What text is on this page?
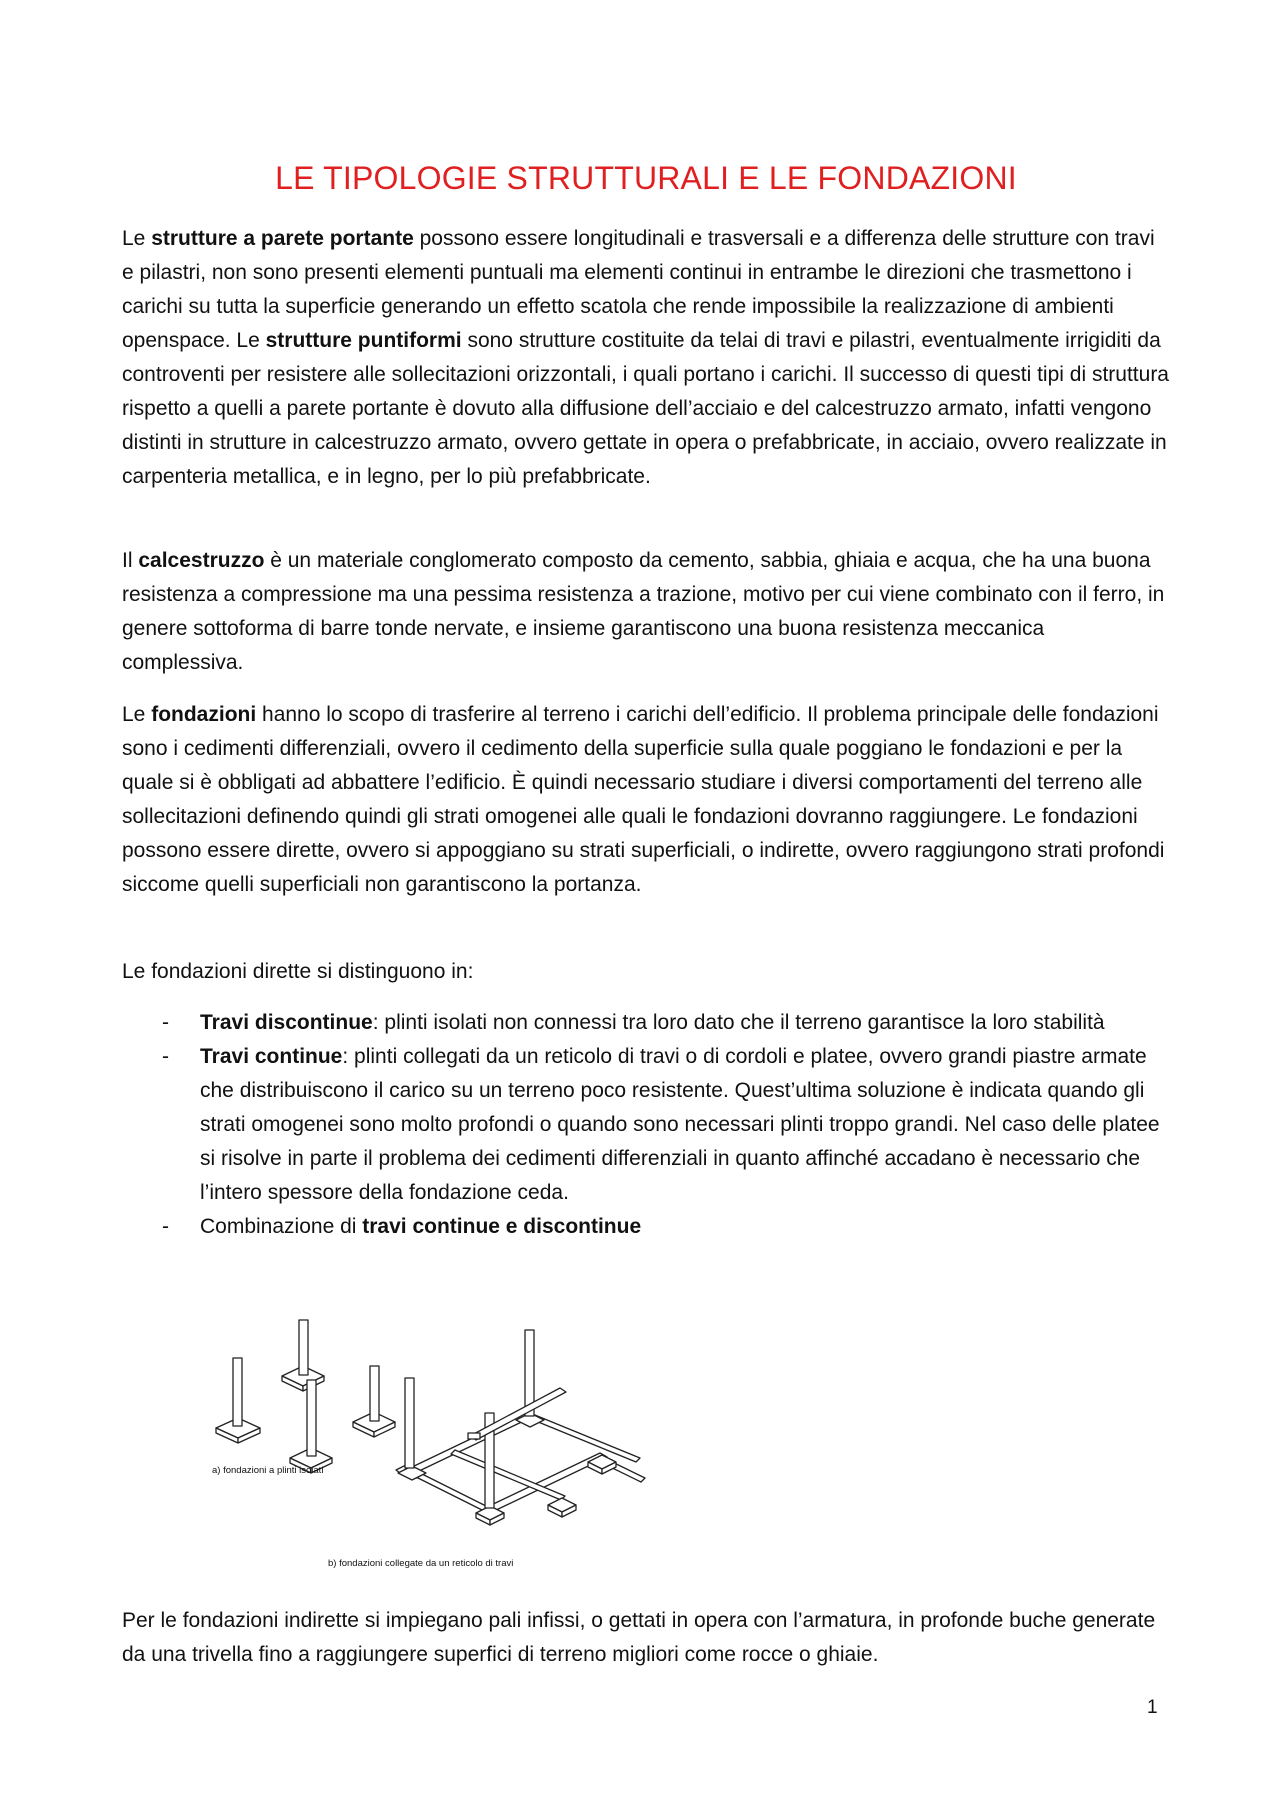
LE TIPOLOGIE STRUTTURALI E LE FONDAZIONI

Le strutture a parete portante possono essere longitudinali e trasversali e a differenza delle strutture con travi e pilastri, non sono presenti elementi puntuali ma elementi continui in entrambe le direzioni che trasmettono i carichi su tutta la superficie generando un effetto scatola che rende impossibile la realizzazione di ambienti openspace. Le strutture puntiformi sono strutture costituite da telai di travi e pilastri, eventualmente irrigiditi da controventi per resistere alle sollecitazioni orizzontali, i quali portano i carichi. Il successo di questi tipi di struttura rispetto a quelli a parete portante è dovuto alla diffusione dell’acciaio e del calcestruzzo armato, infatti vengono distinti in strutture in calcestruzzo armato, ovvero gettate in opera o prefabbricate, in acciaio, ovvero realizzate in carpenteria metallica, e in legno, per lo più prefabbricate.

Il calcestruzzo è un materiale conglomerato composto da cemento, sabbia, ghiaia e acqua, che ha una buona resistenza a compressione ma una pessima resistenza a trazione, motivo per cui viene combinato con il ferro, in genere sottoforma di barre tonde nervate, e insieme garantiscono una buona resistenza meccanica complessiva.

Le fondazioni hanno lo scopo di trasferire al terreno i carichi dell’edificio. Il problema principale delle fondazioni sono i cedimenti differenziali, ovvero il cedimento della superficie sulla quale poggiano le fondazioni e per la quale si è obbligati ad abbattere l’edificio. È quindi necessario studiare i diversi comportamenti del terreno alle sollecitazioni definendo quindi gli strati omogenei alle quali le fondazioni dovranno raggiungere. Le fondazioni possono essere dirette, ovvero si appoggiano su strati superficiali, o indirette, ovvero raggiungono strati profondi siccome quelli superficiali non garantiscono la portanza.

Le fondazioni dirette si distinguono in:

- Travi discontinue: plinti isolati non connessi tra loro dato che il terreno garantisce la loro stabilità
- Travi continue: plinti collegati da un reticolo di travi o di cordoli e platee, ovvero grandi piastre armate che distribuiscono il carico su un terreno poco resistente. Quest’ultima soluzione è indicata quando gli strati omogenei sono molto profondi o quando sono necessari plinti troppo grandi. Nel caso delle platee si risolve in parte il problema dei cedimenti differenziali in quanto affinché accadano è necessario che l’intero spessore della fondazione ceda.
- Combinazione di travi continue e discontinue

Per le fondazioni indirette si impiegano pali infissi, o gettati in opera con l’armatura, in profonde buche generate da una trivella fino a raggiungere superfici di terreno migliori come rocce o ghiaie.

a) fondazioni a plinti isolati
b) fondazioni collegate da un reticolo di travi
1
